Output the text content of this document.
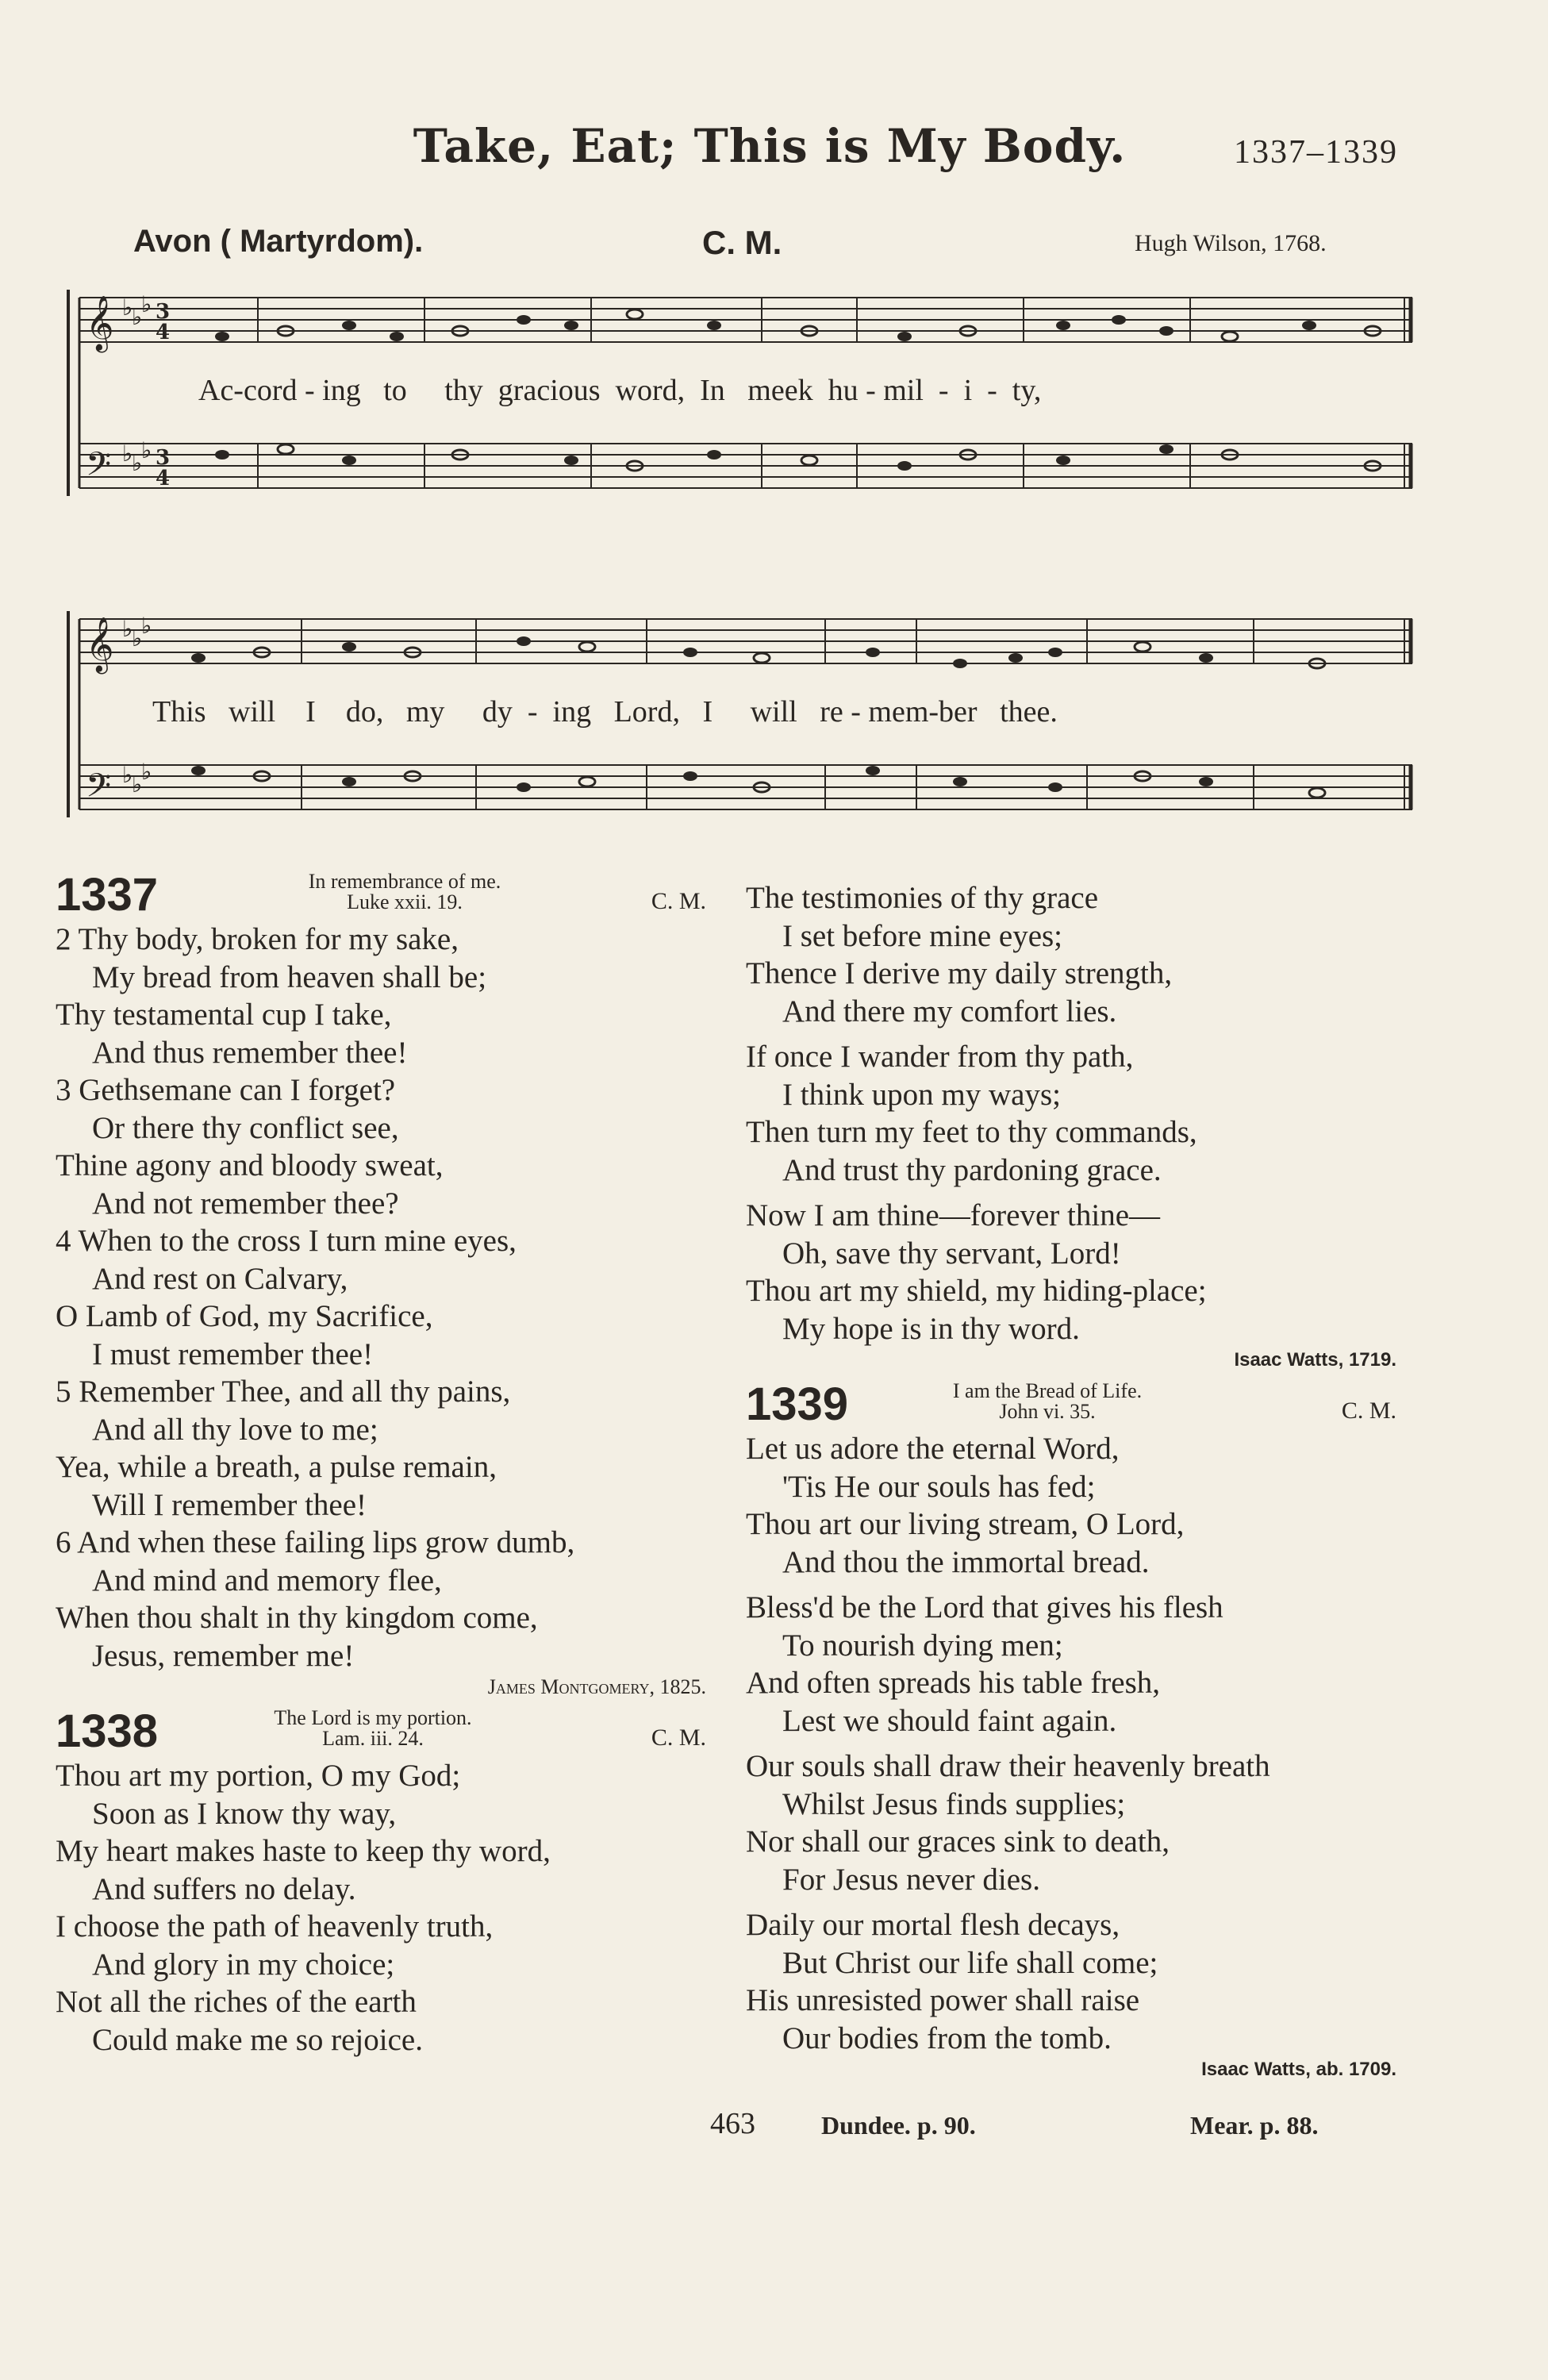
Take, Eat; This is My Body.	1337–1339
Avon ( Martyrdom).	C. M.	Hugh Wilson, 1768.
𝄞
𝄢
♭
♭
♭
♭
♭
♭
3
4
3
4
Ac-cord - ing   to     thy  gracious  word,  In   meek  hu - mil  -  i  -  ty,
𝄞
𝄢
♭
♭
♭
♭
♭
♭
This   will    I    do,   my     dy  -  ing   Lord,   I     will   re - mem-ber   thee.
1337	In remembrance of me.
Luke xxii. 19.	C. M.
2 Thy body, broken for my sake,
My bread from heaven shall be;
Thy testamental cup I take,
And thus remember thee!
3 Gethsemane can I forget?
Or there thy conflict see,
Thine agony and bloody sweat,
And not remember thee?
4 When to the cross I turn mine eyes,
And rest on Calvary,
O Lamb of God, my Sacrifice,
I must remember thee!
5 Remember Thee, and all thy pains,
And all thy love to me;
Yea, while a breath, a pulse remain,
Will I remember thee!
6 And when these failing lips grow dumb,
And mind and memory flee,
When thou shalt in thy kingdom come,
Jesus, remember me!
James Montgomery, 1825.
1338	The Lord is my portion.
Lam. iii. 24.	C. M.
Thou art my portion, O my God;
Soon as I know thy way,
My heart makes haste to keep thy word,
And suffers no delay.
I choose the path of heavenly truth,
And glory in my choice;
Not all the riches of the earth
Could make me so rejoice.
The testimonies of thy grace
I set before mine eyes;
Thence I derive my daily strength,
And there my comfort lies.
If once I wander from thy path,
I think upon my ways;
Then turn my feet to thy commands,
And trust thy pardoning grace.
Now I am thine—forever thine—
Oh, save thy servant, Lord!
Thou art my shield, my hiding-place;
My hope is in thy word.
Isaac Watts, 1719.
1339	I am the Bread of Life.
John vi. 35.	C. M.
Let us adore the eternal Word,
'Tis He our souls has fed;
Thou art our living stream, O Lord,
And thou the immortal bread.
Bless'd be the Lord that gives his flesh
To nourish dying men;
And often spreads his table fresh,
Lest we should faint again.
Our souls shall draw their heavenly breath
Whilst Jesus finds supplies;
Nor shall our graces sink to death,
For Jesus never dies.
Daily our mortal flesh decays,
But Christ our life shall come;
His unresisted power shall raise
Our bodies from the tomb.
Isaac Watts, ab. 1709.
463	Dundee. p. 90.	Mear. p. 88.
